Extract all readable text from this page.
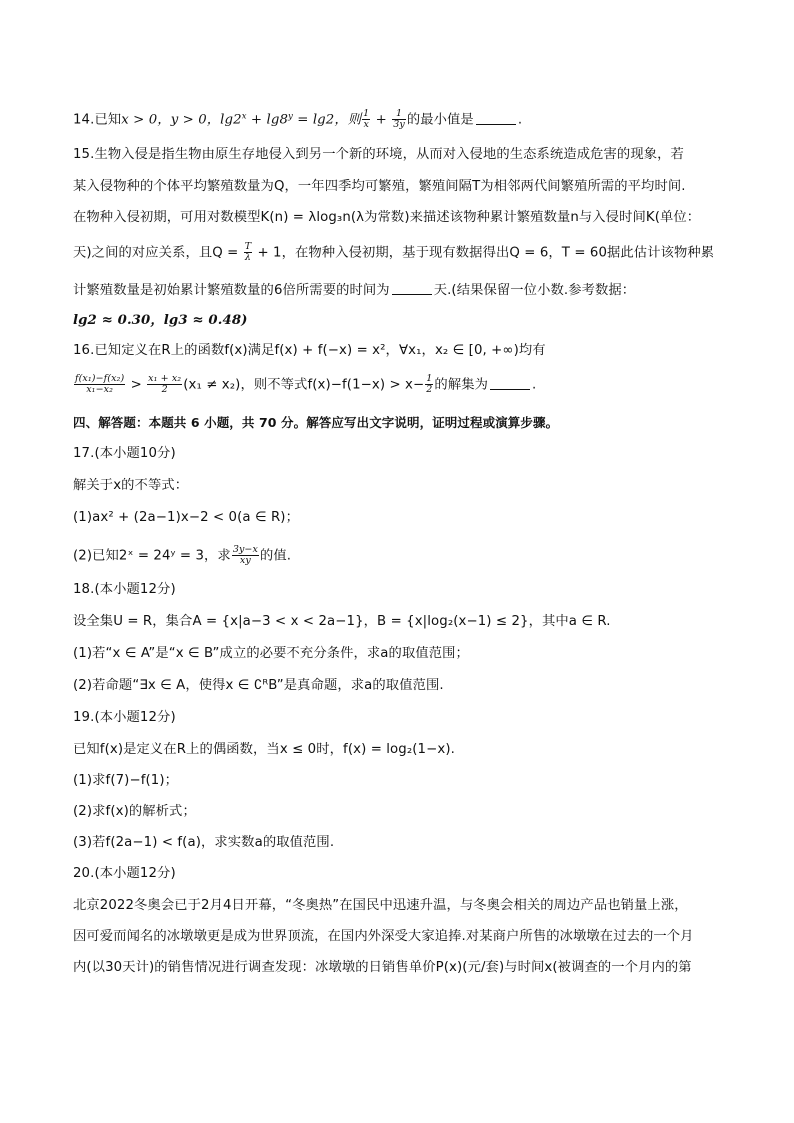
14.已知x > 0，y > 0，$\lg 2^x + \lg 8^y = \lg 2$，则 $\frac{1}{x} + \frac{1}{3y}$ 的最小值是	.
15.生物入侵是指生物由原生存地侵入到另一个新的环境，从而对入侵地的生态系统造成危害的现象，若
某入侵物种的个体平均繁殖数量为Q，一年四季均可繁殖，繁殖间隔T为相邻两代间繁殖所需的平均时间.
在物种入侵初期，可用对数模型K(n) = λlog₃n(λ为常数)来描述该物种累计繁殖数量n与入侵时间K(单位：
天)之间的对应关系，且$Q = \frac{T}{\lambda} + 1$，在物种入侵初期，基于现有数据得出Q = 6，T = 60据此估计该物种累
计繁殖数量是初始累计繁殖数量的6倍所需要的时间为	天.(结果保留一位小数.参考数据：
lg2 ≈ 0.30，lg3 ≈ 0.48)
16.已知定义在R上的函数f(x)满足f(x) + f(−x) = x²，∀x₁，x₂ ∈ [0, +∞)均有
$\frac{\text{f(x₁)−f(x₂)}}{\text{x₁−x₂}} > \frac{\text{x₁ + x₂}}{2} (x_1 \ne x_2)$，则不等式$f(x)-f(1-x) > x- \frac{1}{2}$ 的解集为	.
四、解答题：本题共 6 小题，共 70 分。解答应写出文字说明，证明过程或演算步骤。
17.(本小题10分)
解关于x的不等式：
(1)ax² + (2a−1)x−2 < 0(a ∈ R)；
(2)已知2ˣ = 24ʸ = 3，求 $\frac{3y-x}{xy}$ 的值.
18.(本小题12分)
设全集U = R，集合A = {x|a−3 < x < 2a−1}，B = {x|log₂(x−1) ≤ 2}，其中a ∈ R.
(1)若“x ∈ A”是“x ∈ B”成立的必要不充分条件，求a的取值范围；
(2)若命题“∃x ∈ A，使得x ∈ ∁ᴿB”是真命题，求a的取值范围.
19.(本小题12分)
已知f(x)是定义在R上的偶函数，当x ≤ 0时，f(x) = log₂(1−x).
(1)求f(7)−f(1)；
(2)求f(x)的解析式；
(3)若f(2a−1) < f(a)，求实数a的取值范围.
20.(本小题12分)
北京2022冬奥会已于2月4日开幕，“冬奥热”在国民中迅速升温，与冬奥会相关的周边产品也销量上涨，
因可爱而闻名的冰墩墩更是成为世界顶流，在国内外深受大家追捧.对某商户所售的冰墩墩在过去的一个月
内(以30天计)的销售情况进行调查发现：冰墩墩的日销售单价P(x)(元/套)与时间x(被调查的一个月内的第
